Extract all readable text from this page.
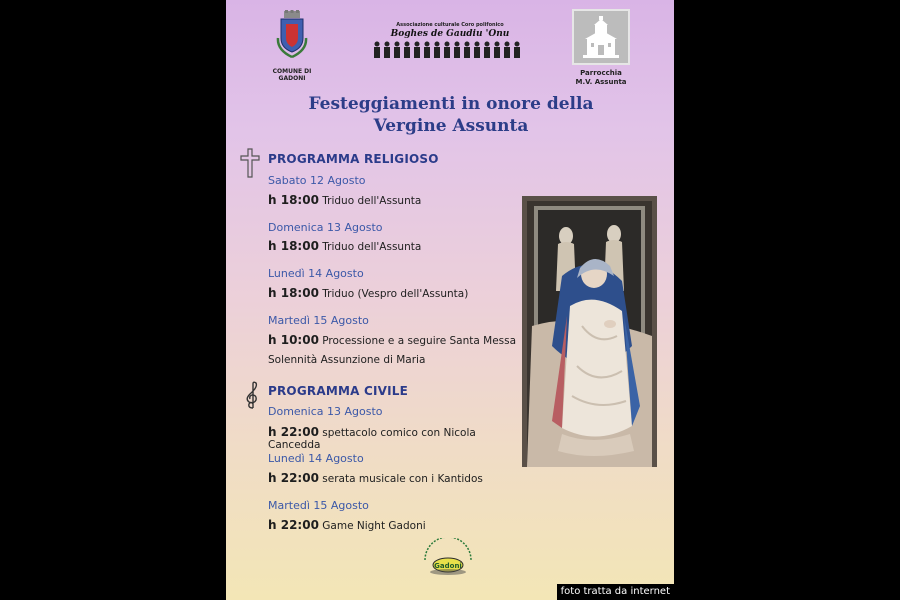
COMUNE DI
GADONI
Associazione culturale Coro polifonico
Boghes de Gaudiu 'Onu
Parrocchia
M.V. Assunta
Festeggiamenti in onore della
Vergine Assunta
PROGRAMMA RELIGIOSO
Sabato 12 Agosto
h 18:00 Triduo dell'Assunta
Domenica 13 Agosto
h 18:00 Triduo dell'Assunta
Lunedì 14 Agosto
h 18:00 Triduo (Vespro dell'Assunta)
Martedì 15 Agosto
h 10:00 Processione e a seguire Santa Messa
Solennità Assunzione di Maria
PROGRAMMA CIVILE
Domenica 13 Agosto
h 22:00 spettacolo comico con Nicola Cancedda
Lunedì 14 Agosto
h 22:00 serata musicale con i Kantidos
Martedì 15 Agosto
h 22:00 Game Night Gadoni
Gadoni
foto tratta da internet
